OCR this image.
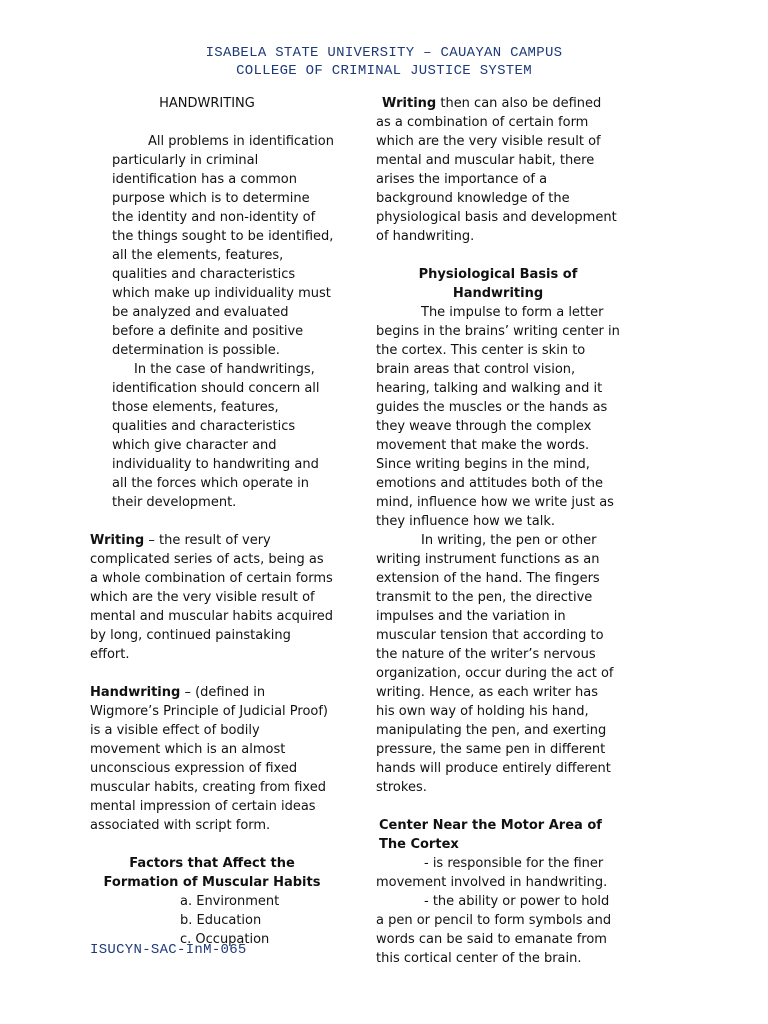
ISABELA STATE UNIVERSITY – CAUAYAN CAMPUS
COLLEGE OF CRIMINAL JUSTICE SYSTEM

HANDWRITING

All problems in identification particularly in criminal identification has a common purpose which is to determine the identity and non-identity of the things sought to be identified, all the elements, features, qualities and characteristics which make up individuality must be analyzed and evaluated before a definite and positive determination is possible.

In the case of handwritings, identification should concern all those elements, features, qualities and characteristics which give character and individuality to handwriting and all the forces which operate in their development.

Writing – the result of very complicated series of acts, being as a whole combination of certain forms which are the very visible result of mental and muscular habits acquired by long, continued painstaking effort.

Handwriting – (defined in Wigmore’s Principle of Judicial Proof) is a visible effect of bodily movement which is an almost unconscious expression of fixed muscular habits, creating from fixed mental impression of certain ideas associated with script form.

Factors that Affect the
Formation of Muscular Habits

a. Environment
b. Education
c. Occupation

Writing then can also be defined as a combination of certain form which are the very visible result of mental and muscular habit, there arises the importance of a background knowledge of the physiological basis and development of handwriting.

Physiological Basis of Handwriting

The impulse to form a letter begins in the brains’ writing center in the cortex. This center is skin to brain areas that control vision, hearing, talking and walking and it guides the muscles or the hands as they weave through the complex movement that make the words. Since writing begins in the mind, emotions and attitudes both of the mind, influence how we write just as they influence how we talk.

In writing, the pen or other writing instrument functions as an extension of the hand. The fingers transmit to the pen, the directive impulses and the variation in muscular tension that according to the nature of the writer’s nervous organization, occur during the act of writing. Hence, as each writer has his own way of holding his hand, manipulating the pen, and exerting pressure, the same pen in different hands will produce entirely different strokes.

Center Near the Motor Area of The Cortex

- is responsible for the finer movement involved in handwriting.

- the ability or power to hold a pen or pencil to form symbols and words can be said to emanate from this cortical center of the brain.

ISUCYN-SAC-InM-065
